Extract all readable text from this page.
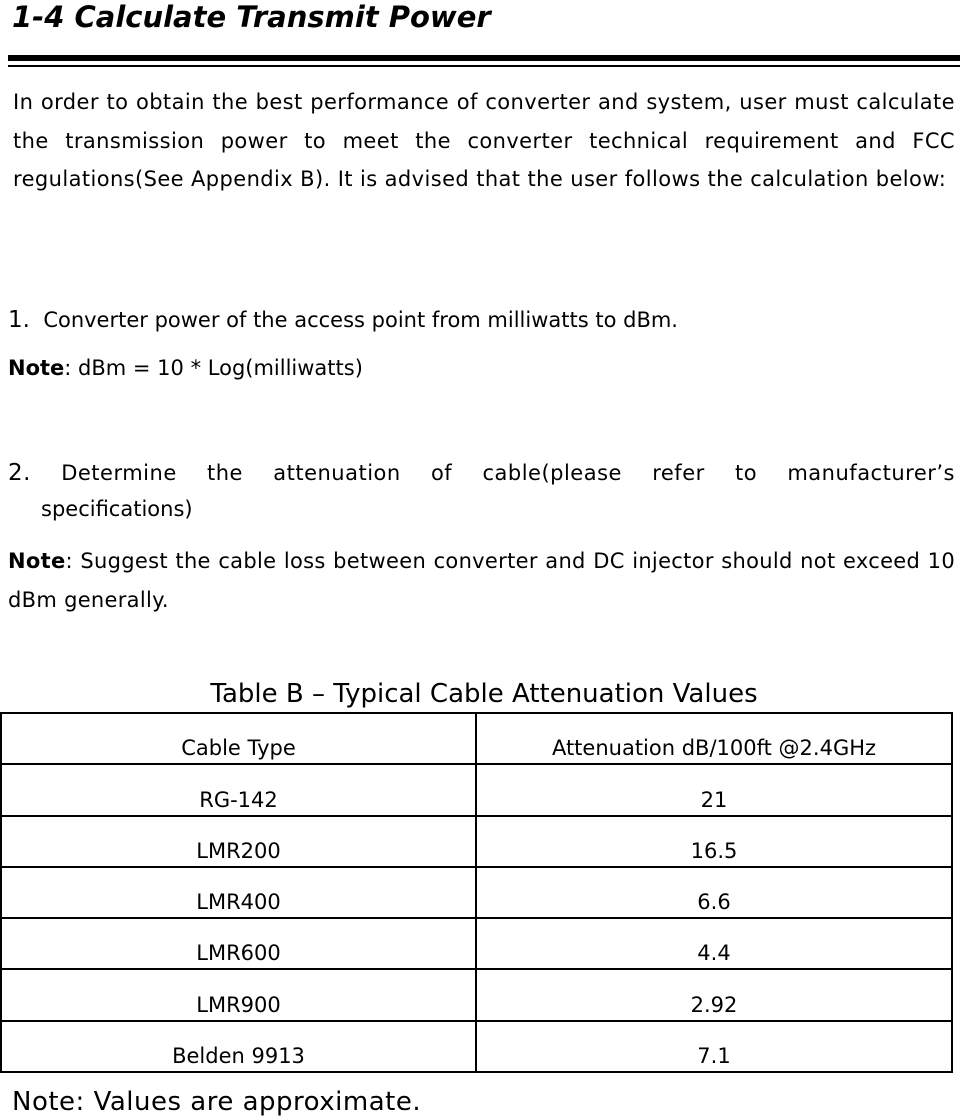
1-4 Calculate Transmit Power

In order to obtain the best performance of converter and system, user must calculate the transmission power to meet the converter technical requirement and FCC regulations(See Appendix B). It is advised that the user follows the calculation below:

1. Converter power of the access point from milliwatts to dBm.
Note: dBm = 10 * Log(milliwatts)
2. Determine the attenuation of cable(please refer to manufacturer’s
specifications)

Note: Suggest the cable loss between converter and DC injector should not exceed 10 dBm generally.

Table B – Typical Cable Attenuation Values
Cable Type	Attenuation dB/100ft @2.4GHz
RG-142	21
LMR200	16.5
LMR400	6.6
LMR600	4.4
LMR900	2.92
Belden 9913	7.1
Note: Values are approximate.
